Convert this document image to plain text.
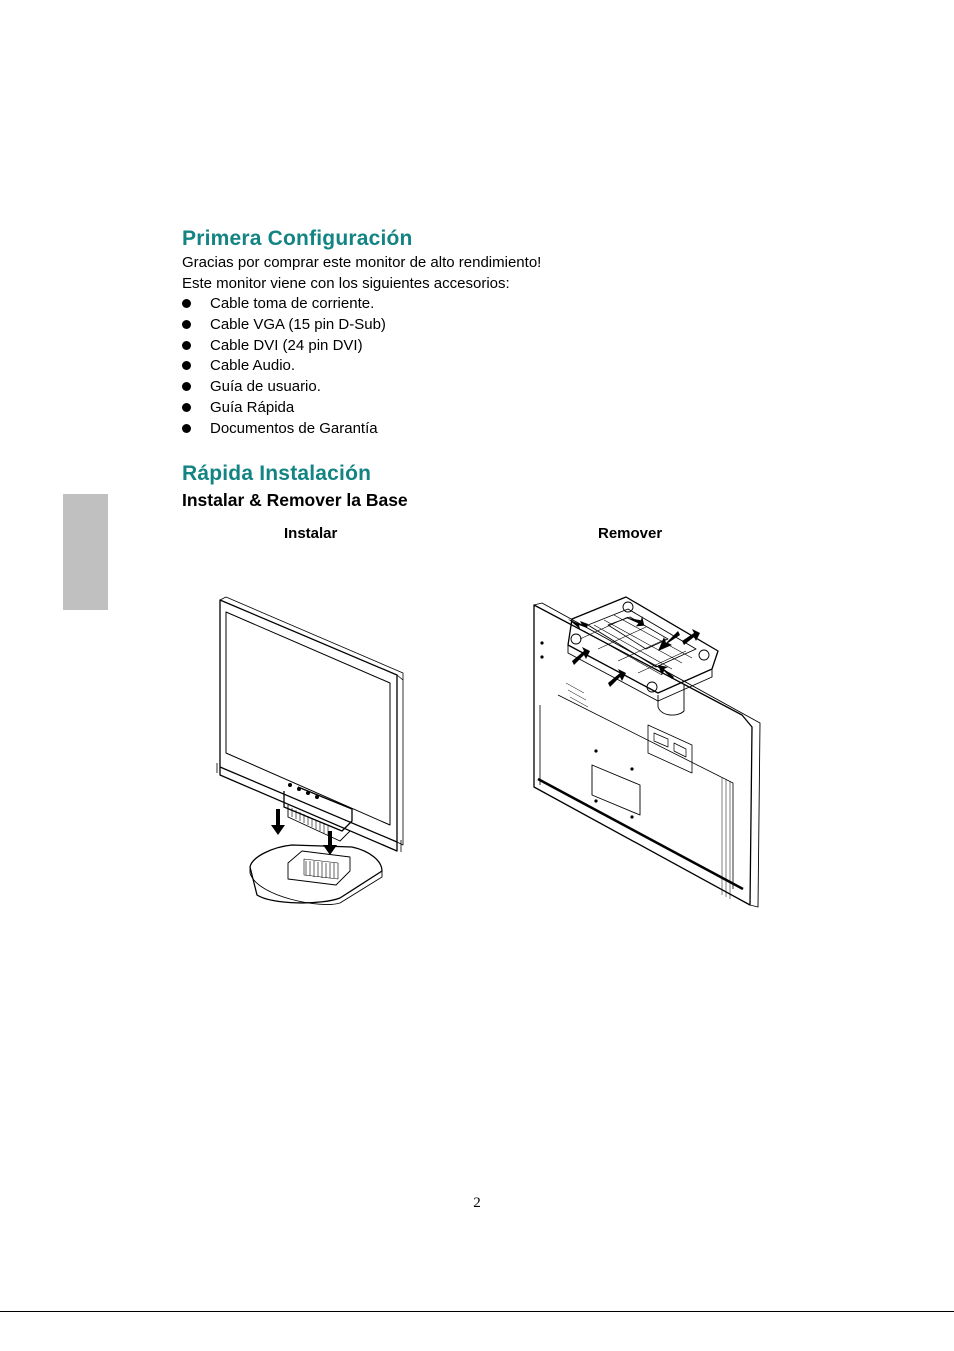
Primera Configuración

Gracias por comprar este monitor de alto rendimiento!

Este monitor viene con los siguientes accesorios:

Cable toma de corriente.
Cable VGA (15 pin D-Sub)
Cable DVI (24 pin DVI)
Cable Audio.
Guía de usuario.
Guía Rápida
Documentos de Garantía
Rápida Instalación
Instalar & Remover la Base
Instalar	Remover
2
